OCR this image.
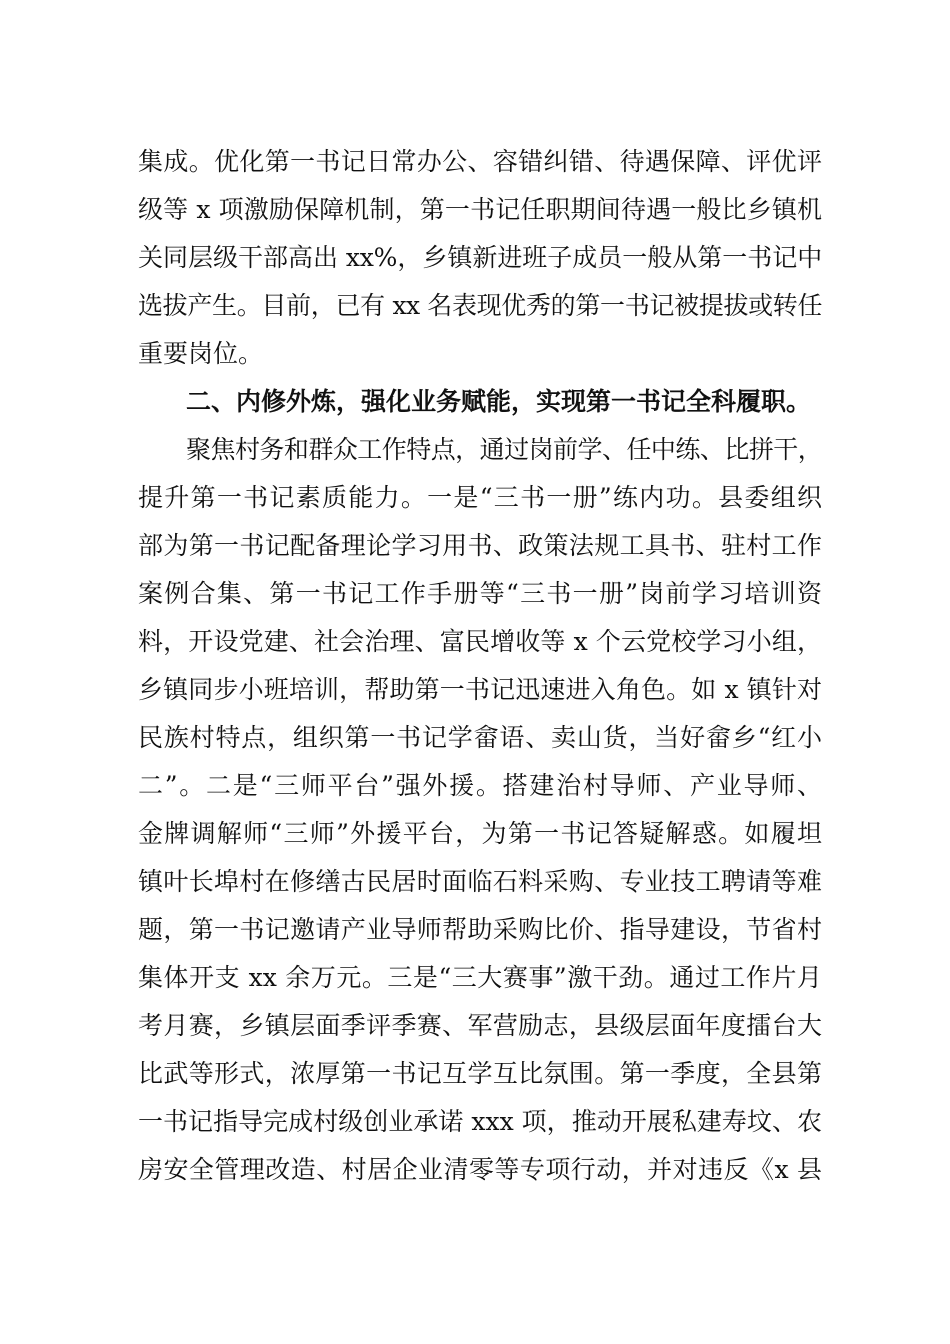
集成。优化第一书记日常办公、容错纠错、待遇保障、评优评
级等 x 项激励保障机制，第一书记任职期间待遇一般比乡镇机
关同层级干部高出 xx%，乡镇新进班子成员一般从第一书记中
选拔产生。目前，已有 xx 名表现优秀的第一书记被提拔或转任
重要岗位。
二、内修外炼，强化业务赋能，实现第一书记全科履职。
聚焦村务和群众工作特点，通过岗前学、任中练、比拼干，
提升第一书记素质能力。一是“三书一册”练内功。县委组织
部为第一书记配备理论学习用书、政策法规工具书、驻村工作
案例合集、第一书记工作手册等“三书一册”岗前学习培训资
料，开设党建、社会治理、富民增收等 x 个云党校学习小组，
乡镇同步小班培训，帮助第一书记迅速进入角色。如 x 镇针对
民族村特点，组织第一书记学畲语、卖山货，当好畲乡“红小
二”。二是“三师平台”强外援。搭建治村导师、产业导师、
金牌调解师“三师”外援平台，为第一书记答疑解惑。如履坦
镇叶长埠村在修缮古民居时面临石料采购、专业技工聘请等难
题，第一书记邀请产业导师帮助采购比价、指导建设，节省村
集体开支 xx 余万元。三是“三大赛事”激干劲。通过工作片月
考月赛，乡镇层面季评季赛、军营励志，县级层面年度擂台大
比武等形式，浓厚第一书记互学互比氛围。第一季度，全县第
一书记指导完成村级创业承诺 xxx 项，推动开展私建寿坟、农
房安全管理改造、村居企业清零等专项行动，并对违反《x 县
